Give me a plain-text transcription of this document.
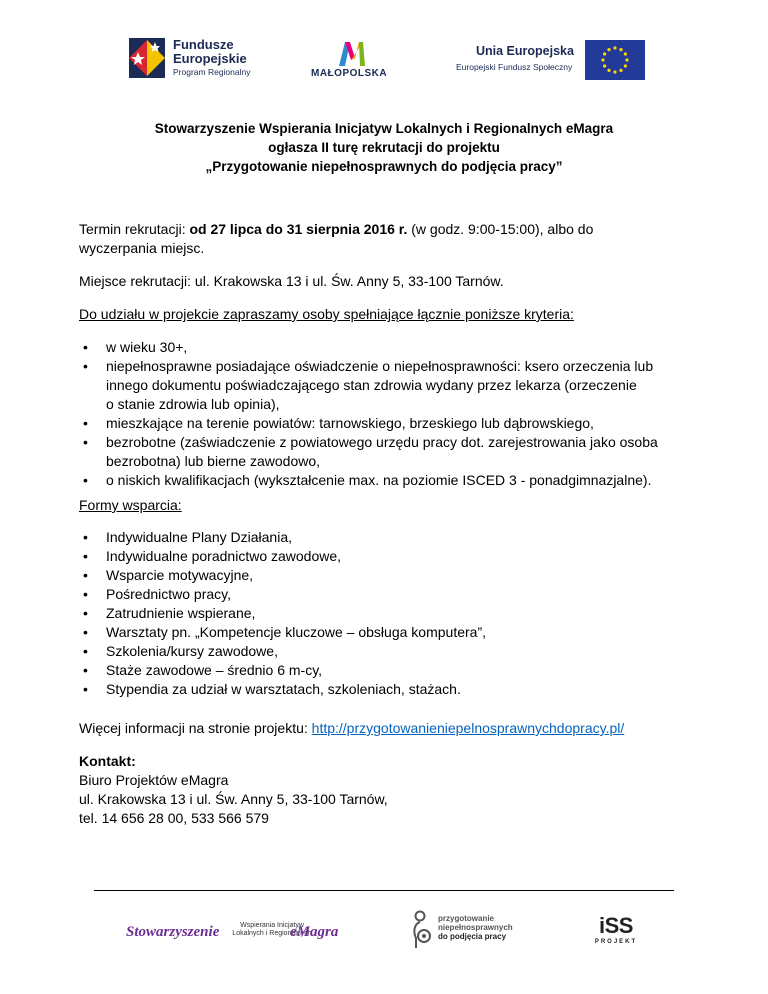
Fundusze
Europejskie
Program Regionalny	MAŁOPOLSKA
Unia Europejska
Europejski Fundusz Społeczny
Stowarzyszenie Wspierania Inicjatyw Lokalnych i Regionalnych eMagra
ogłasza II turę rekrutacji do projektu
„Przygotowanie niepełnosprawnych do podjęcia pracy”
Termin rekrutacji: od 27 lipca do 31 sierpnia 2016 r. (w godz. 9:00-15:00), albo do
wyczerpania miejsc.
Miejsce rekrutacji: ul. Krakowska 13 i ul. Św. Anny 5, 33-100 Tarnów.
Do udziału w projekcie zapraszamy osoby spełniające łącznie poniższe kryteria:
• w wieku 30+,
• niepełnosprawne posiadające oświadczenie o niepełnosprawności: ksero orzeczenia lub
innego dokumentu poświadczającego stan zdrowia wydany przez lekarza (orzeczenie
o stanie zdrowia lub opinia),
• mieszkające na terenie powiatów: tarnowskiego, brzeskiego lub dąbrowskiego,
• bezrobotne (zaświadczenie z powiatowego urzędu pracy dot. zarejestrowania jako osoba
bezrobotna) lub bierne zawodowo,
• o niskich kwalifikacjach (wykształcenie max. na poziomie ISCED 3 - ponadgimnazjalne).
Formy wsparcia:
• Indywidualne Plany Działania,
• Indywidualne poradnictwo zawodowe,
• Wsparcie motywacyjne,
• Pośrednictwo pracy,
• Zatrudnienie wspierane,
• Warsztaty pn. „Kompetencje kluczowe – obsługa komputera”,
• Szkolenia/kursy zawodowe,
• Staże zawodowe – średnio 6 m-cy,
• Stypendia za udział w warsztatach, szkoleniach, stażach.
Więcej informacji na stronie projektu: http://przygotowanieniepelnosprawnychdopracy.pl/
Kontakt:
Biuro Projektów eMagra
ul. Krakowska 13 i ul. Św. Anny 5, 33-100 Tarnów,
tel. 14 656 28 00, 533 566 579
Stowarzyszenie	Wspierania Inicjatyw
Lokalnych i Regionalnych
eMagra
przygotowanie
niepełnosprawnych
do podjęcia pracy	iSS
PROJEKT
